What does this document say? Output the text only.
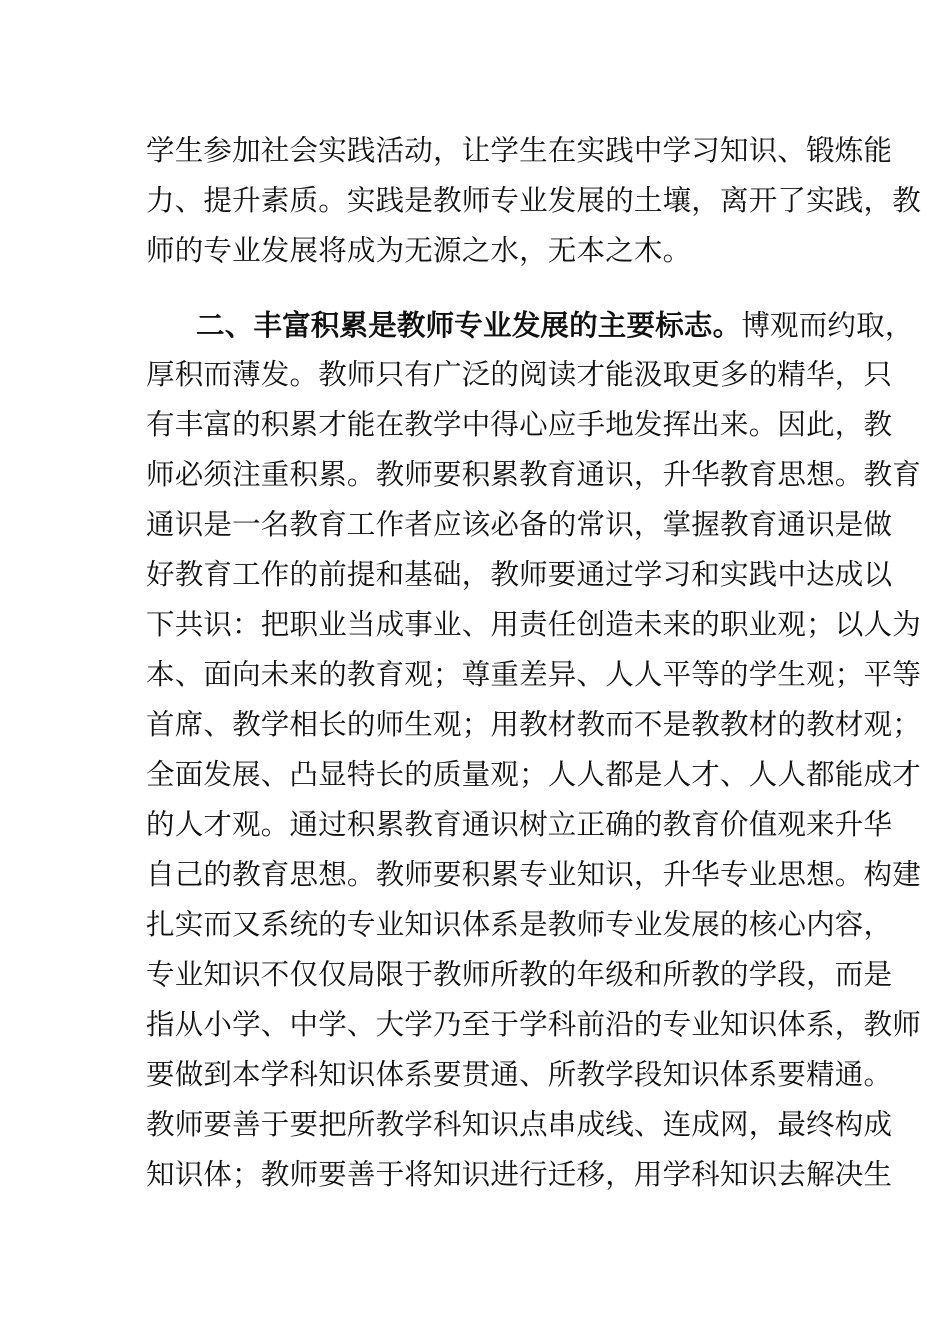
学生参加社会实践活动，让学生在实践中学习知识、锻炼能
力、提升素质。实践是教师专业发展的土壤，离开了实践，教
师的专业发展将成为无源之水，无本之木。
二、丰富积累是教师专业发展的主要标志。博观而约取，
厚积而薄发。教师只有广泛的阅读才能汲取更多的精华，只
有丰富的积累才能在教学中得心应手地发挥出来。因此，教
师必须注重积累。教师要积累教育通识，升华教育思想。教育
通识是一名教育工作者应该必备的常识，掌握教育通识是做
好教育工作的前提和基础，教师要通过学习和实践中达成以
下共识：把职业当成事业、用责任创造未来的职业观；以人为
本、面向未来的教育观；尊重差异、人人平等的学生观；平等
首席、教学相长的师生观；用教材教而不是教教材的教材观；
全面发展、凸显特长的质量观；人人都是人才、人人都能成才
的人才观。通过积累教育通识树立正确的教育价值观来升华
自己的教育思想。教师要积累专业知识，升华专业思想。构建
扎实而又系统的专业知识体系是教师专业发展的核心内容，
专业知识不仅仅局限于教师所教的年级和所教的学段，而是
指从小学、中学、大学乃至于学科前沿的专业知识体系，教师
要做到本学科知识体系要贯通、所教学段知识体系要精通。
教师要善于要把所教学科知识点串成线、连成网，最终构成
知识体；教师要善于将知识进行迁移，用学科知识去解决生
